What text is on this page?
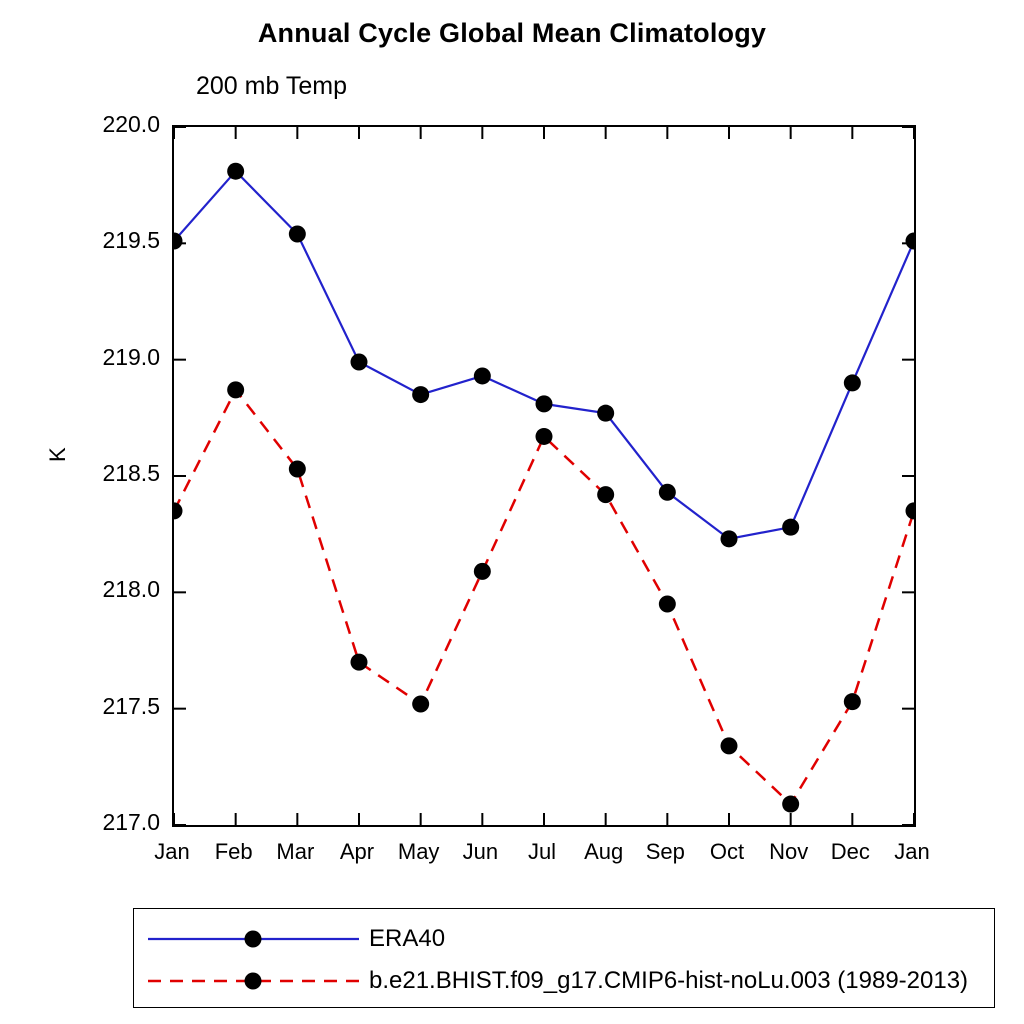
Annual Cycle Global Mean Climatology
200 mb Temp
K
217.0
217.5
218.0
218.5
219.0
219.5
220.0
Jan Feb Mar Apr May Jun Jul Aug Sep Oct Nov Dec Jan
ERA40
b.e21.BHIST.f09_g17.CMIP6-hist-noLu.003 (1989-2013)
